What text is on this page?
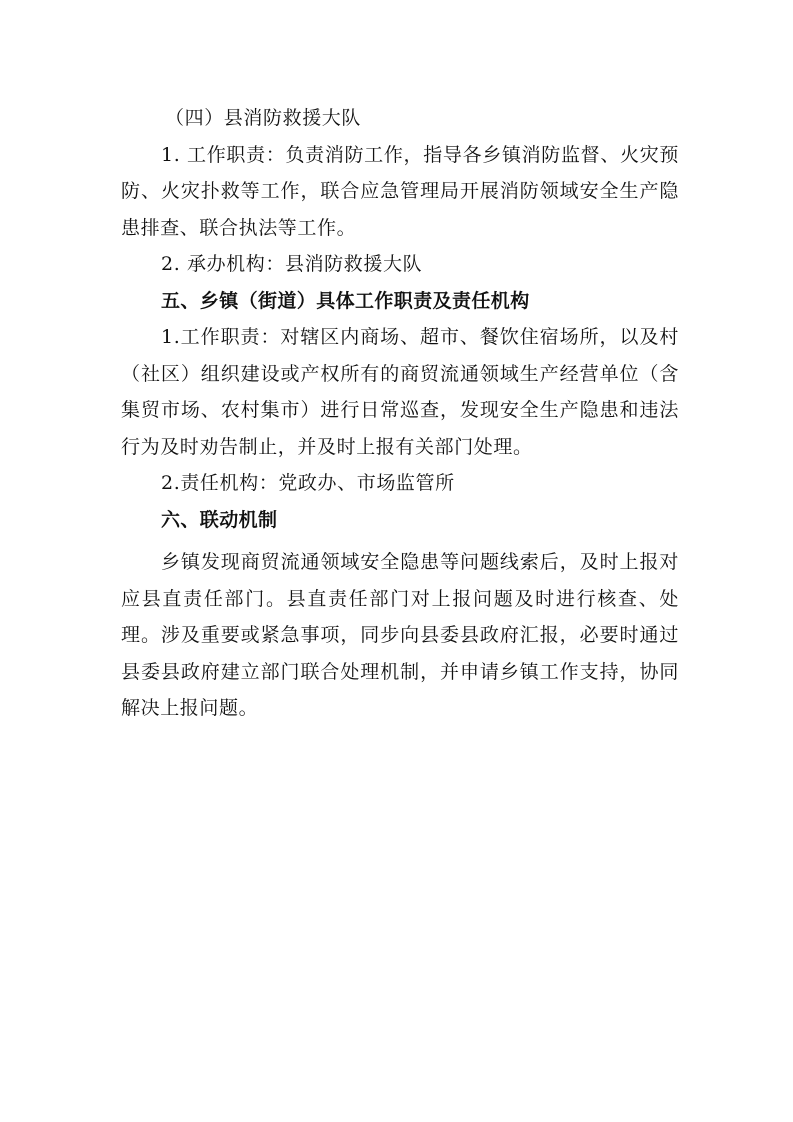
（四）县消防救援大队

1. 工作职责：负责消防工作，指导各乡镇消防监督、火灾预防、火灾扑救等工作，联合应急管理局开展消防领域安全生产隐患排查、联合执法等工作。

2. 承办机构：县消防救援大队

五、乡镇（街道）具体工作职责及责任机构

1.工作职责：对辖区内商场、超市、餐饮住宿场所，以及村（社区）组织建设或产权所有的商贸流通领域生产经营单位（含集贸市场、农村集市）进行日常巡查，发现安全生产隐患和违法行为及时劝告制止，并及时上报有关部门处理。

2.责任机构：党政办、市场监管所

六、联动机制

乡镇发现商贸流通领域安全隐患等问题线索后，及时上报对应县直责任部门。县直责任部门对上报问题及时进行核查、处理。涉及重要或紧急事项，同步向县委县政府汇报，必要时通过县委县政府建立部门联合处理机制，并申请乡镇工作支持，协同解决上报问题。
